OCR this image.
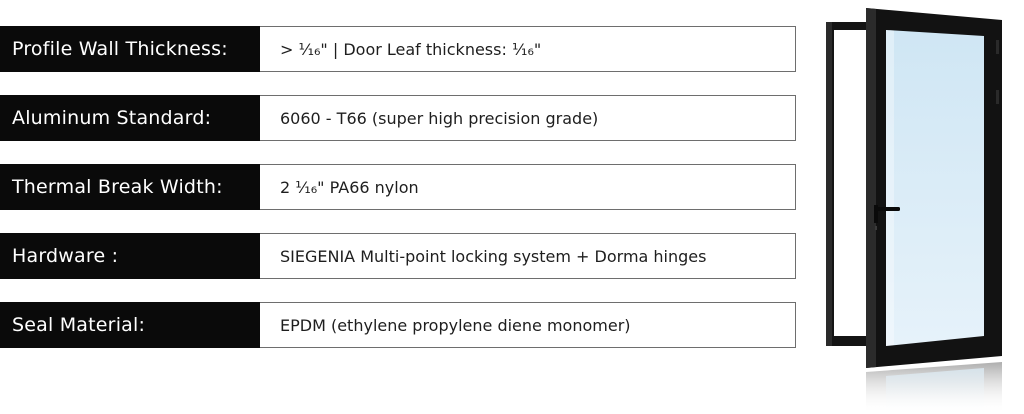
Profile Wall Thickness:	> ¹⁄₁₆" | Door Leaf thickness: ¹⁄₁₆"
Aluminum Standard:	6060 - T66 (super high precision grade)
Thermal Break Width:	2 ¹⁄₁₆" PA66 nylon
Hardware :	SIEGENIA Multi-point locking system + Dorma hinges
Seal Material:	EPDM (ethylene propylene diene monomer)
